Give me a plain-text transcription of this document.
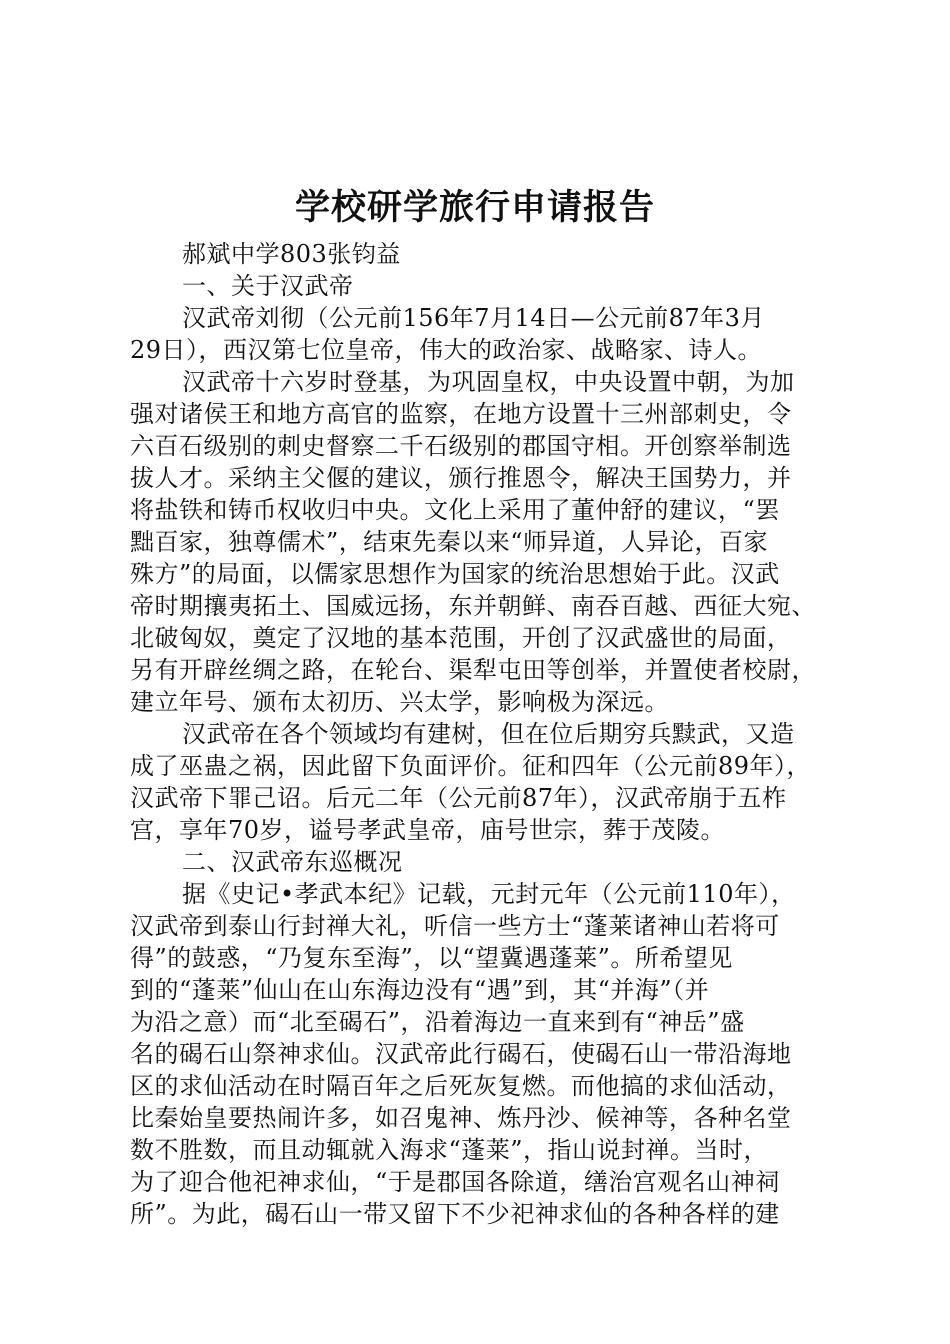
学校研学旅行申请报告
郝斌中学803张钧益
一、关于汉武帝
汉武帝刘彻（公元前156年7月14日—公元前87年3月
29日），西汉第七位皇帝，伟大的政治家、战略家、诗人。
汉武帝十六岁时登基，为巩固皇权，中央设置中朝，为加
强对诸侯王和地方高官的监察，在地方设置十三州部刺史，令
六百石级别的刺史督察二千石级别的郡国守相。开创察举制选
拔人才。采纳主父偃的建议，颁行推恩令，解决王国势力，并
将盐铁和铸币权收归中央。文化上采用了董仲舒的建议，“罢
黜百家，独尊儒术”，结束先秦以来“师异道，人异论，百家
殊方”的局面，以儒家思想作为国家的统治思想始于此。汉武
帝时期攘夷拓土、国威远扬，东并朝鲜、南吞百越、西征大宛、
北破匈奴，奠定了汉地的基本范围，开创了汉武盛世的局面，
另有开辟丝绸之路，在轮台、渠犁屯田等创举，并置使者校尉，
建立年号、颁布太初历、兴太学，影响极为深远。
汉武帝在各个领域均有建树，但在位后期穷兵黩武，又造
成了巫蛊之祸，因此留下负面评价。征和四年（公元前89年），
汉武帝下罪己诏。后元二年（公元前87年），汉武帝崩于五柞
宫，享年70岁，谥号孝武皇帝，庙号世宗，葬于茂陵。
二、汉武帝东巡概况
据《史记•孝武本纪》记载，元封元年（公元前110年），
汉武帝到泰山行封禅大礼，听信一些方士“蓬莱诸神山若将可
得”的鼓惑，“乃复东至海”，以“望冀遇蓬莱”。所希望见
到的“蓬莱”仙山在山东海边没有“遇”到，其“并海”（并
为沿之意）而“北至碣石”，沿着海边一直来到有“神岳”盛
名的碣石山祭神求仙。汉武帝此行碣石，使碣石山一带沿海地
区的求仙活动在时隔百年之后死灰复燃。而他搞的求仙活动，
比秦始皇要热闹许多，如召鬼神、炼丹沙、候神等，各种名堂
数不胜数，而且动辄就入海求“蓬莱”，指山说封禅。当时，
为了迎合他祀神求仙，“于是郡国各除道，缮治宫观名山神祠
所”。为此，碣石山一带又留下不少祀神求仙的各种各样的建
